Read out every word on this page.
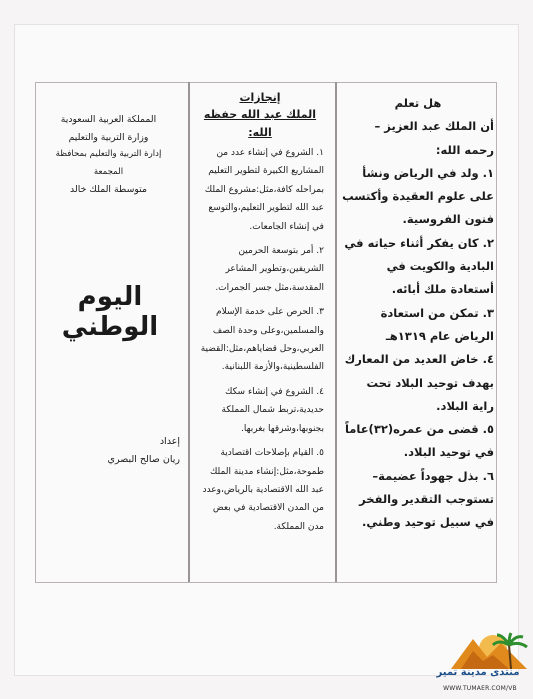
هل تعلم
أن الملك عبد العزيز – رحمه الله:
١. ولد في الرياض ونشأ على علوم العقيدة وأكتسب فنون الفروسية.
٢. كان يفكر أثناء حياته في البادية والكويت في أستعادة ملك أبائه.
٣. تمكن من استعادة الرياض عام ١٣١٩هـ
٤. خاض العديد من المعارك بهدف توحيد البلاد تحت راية البلاد.
٥. قضى من عمره(٣٢)عاماً في توحيد البلاد.
٦. بذل جهوداً عضيمة– تستوجب التقدير والفخر في سبيل توحيد وطني.
إنجازات
الملك عبد الله حفظه الله:
١. الشروع في إنشاء عدد من المشاريع الكبيرة لتطوير التعليم بمراحله كافة،مثل:مشروع الملك عبد الله لتطوير التعليم،والتوسع في إنشاء الجامعات.
٢. أمر بتوسعة الحرمين الشريفين،وتطوير المشاعر المقدسة،مثل جسر الجمرات.
٣. الحرص على خدمة الإسلام والمسلمين،وعلى وحدة الصف العربي،وحل قضاياهم،مثل:القضية الفلسطينية،والأزمة اللبنانية.
٤. الشروع في إنشاء سكك حديدية،تربط شمال المملكة بجنوبها،وشرقها بغربها.
٥. القيام بإصلاحات اقتصادية طموحة،مثل:إنشاء مدينة الملك عبد الله الاقتصادية بالرياض،وعدد من المدن الاقتصادية في بعض مدن المملكة.
المملكة العربية السعودية
وزارة التربية والتعليم
إدارة التربية والتعليم بمحافظة المجمعة
متوسطة الملك خالد
اليوم الوطني
إعداد
ريان صالح البصري
منتدى مدينة تمير
WWW.TUMAER.COM/VB
